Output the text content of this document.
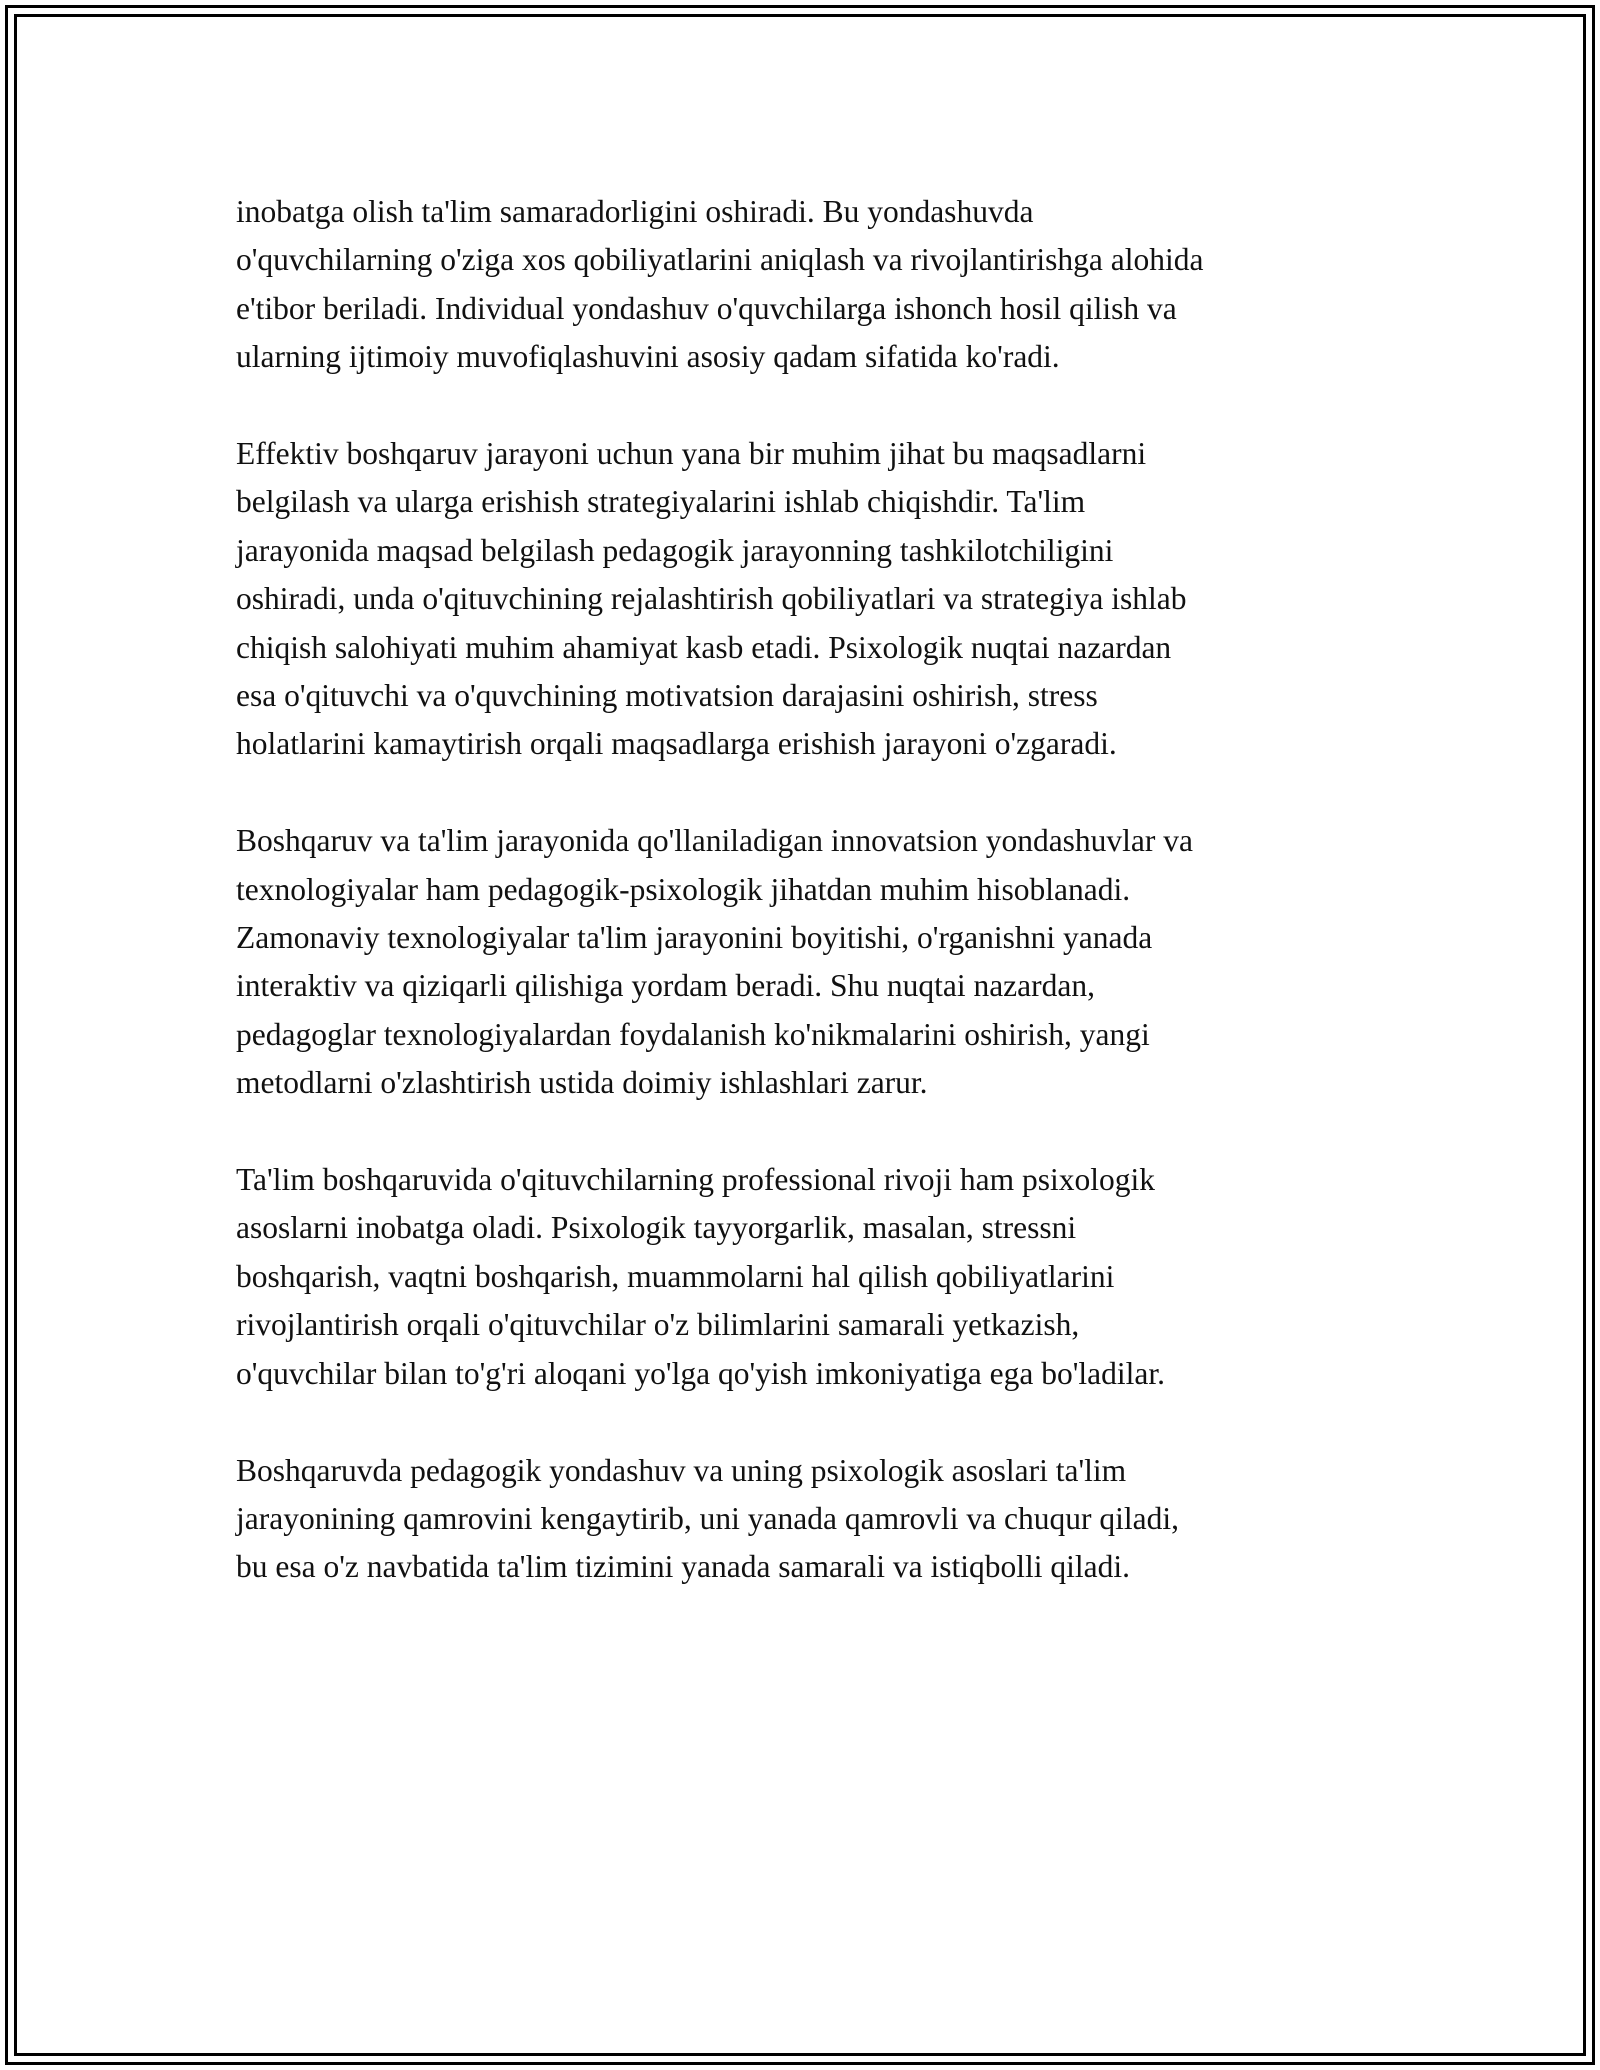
inobatga olish ta'lim samaradorligini oshiradi. Bu yondashuvda
o'quvchilarning o'ziga xos qobiliyatlarini aniqlash va rivojlantirishga alohida
e'tibor beriladi. Individual yondashuv o'quvchilarga ishonch hosil qilish va
ularning ijtimoiy muvofiqlashuvini asosiy qadam sifatida ko'radi.
Effektiv boshqaruv jarayoni uchun yana bir muhim jihat bu maqsadlarni
belgilash va ularga erishish strategiyalarini ishlab chiqishdir. Ta'lim
jarayonida maqsad belgilash pedagogik jarayonning tashkilotchiligini
oshiradi, unda o'qituvchining rejalashtirish qobiliyatlari va strategiya ishlab
chiqish salohiyati muhim ahamiyat kasb etadi. Psixologik nuqtai nazardan
esa o'qituvchi va o'quvchining motivatsion darajasini oshirish, stress
holatlarini kamaytirish orqali maqsadlarga erishish jarayoni o'zgaradi.
Boshqaruv va ta'lim jarayonida qo'llaniladigan innovatsion yondashuvlar va
texnologiyalar ham pedagogik-psixologik jihatdan muhim hisoblanadi.
Zamonaviy texnologiyalar ta'lim jarayonini boyitishi, o'rganishni yanada
interaktiv va qiziqarli qilishiga yordam beradi. Shu nuqtai nazardan,
pedagoglar texnologiyalardan foydalanish ko'nikmalarini oshirish, yangi
metodlarni o'zlashtirish ustida doimiy ishlashlari zarur.
Ta'lim boshqaruvida o'qituvchilarning professional rivoji ham psixologik
asoslarni inobatga oladi. Psixologik tayyorgarlik, masalan, stressni
boshqarish, vaqtni boshqarish, muammolarni hal qilish qobiliyatlarini
rivojlantirish orqali o'qituvchilar o'z bilimlarini samarali yetkazish,
o'quvchilar bilan to'g'ri aloqani yo'lga qo'yish imkoniyatiga ega bo'ladilar.
Boshqaruvda pedagogik yondashuv va uning psixologik asoslari ta'lim
jarayonining qamrovini kengaytirib, uni yanada qamrovli va chuqur qiladi,
bu esa o'z navbatida ta'lim tizimini yanada samarali va istiqbolli qiladi.
